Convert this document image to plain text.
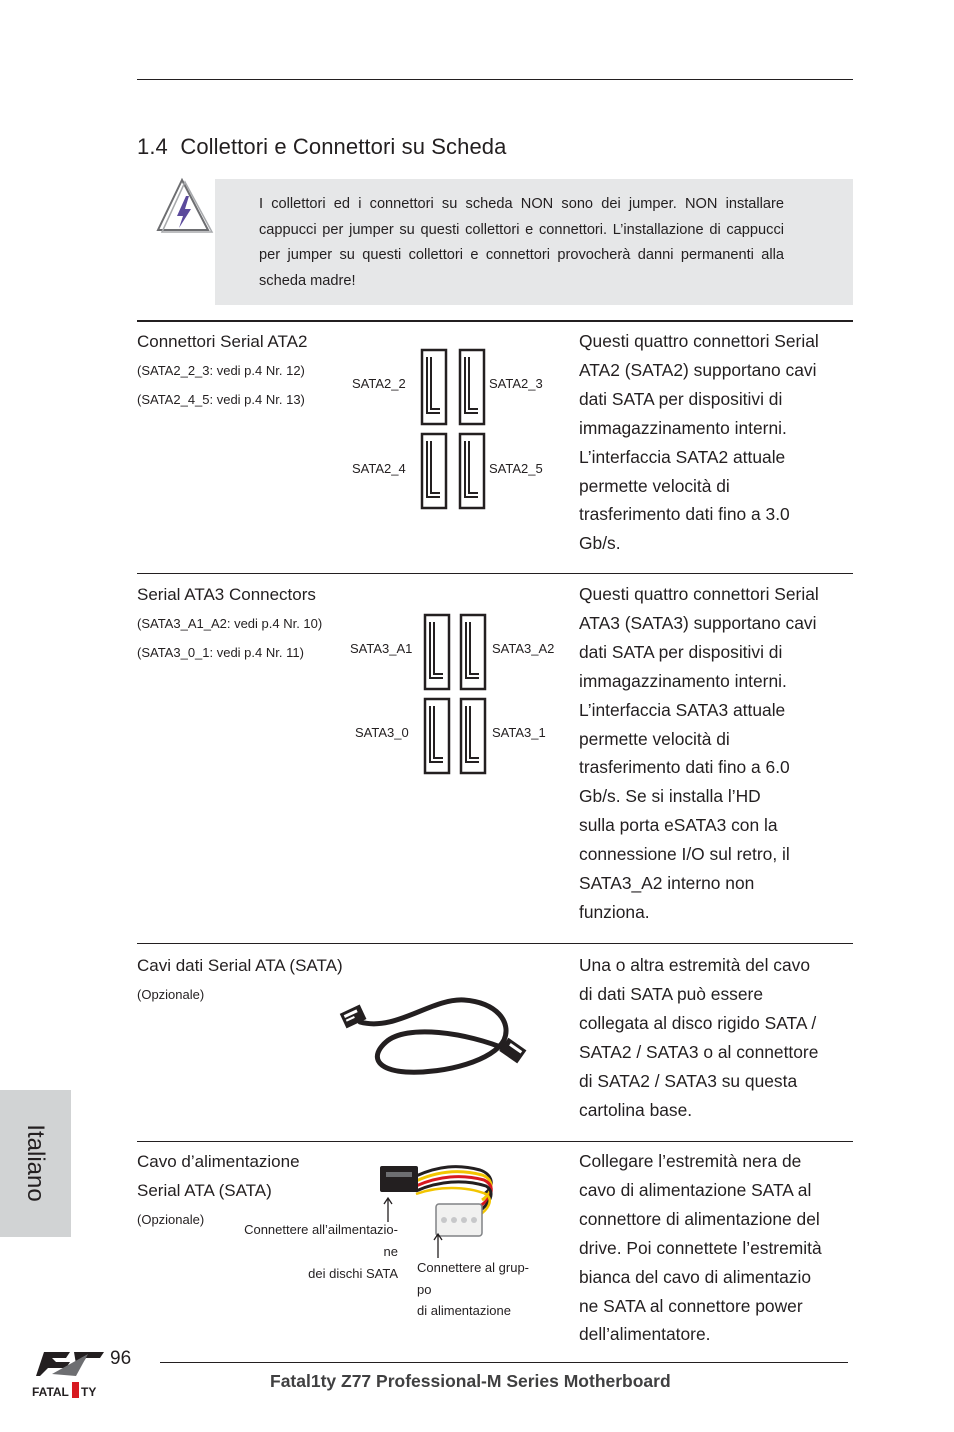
1.4 Collettori e Connettori su Scheda
I collettori ed i connettori su scheda NON sono dei jumper. NON installare cappucci per jumper su questi collettori e connettori. L’installazione di cappucci per jumper su questi collettori e connettori provocherà danni permanenti alla scheda madre!
Connettori Serial ATA2
(SATA2_2_3: vedi p.4 Nr. 12)
(SATA2_4_5: vedi p.4 Nr. 13)
SATA2_2	SATA2_3
SATA2_4	SATA2_5
Questi quattro connettori Serial
ATA2 (SATA2) supportano cavi
dati SATA per dispositivi di
immagazzinamento interni.
L’interfaccia SATA2 attuale
permette velocità di
trasferimento dati fino a 3.0
Gb/s.
Serial ATA3 Connectors
(SATA3_A1_A2: vedi p.4 Nr. 10)
(SATA3_0_1: vedi p.4 Nr. 11)	SATA3_A1	SATA3_A2
SATA3_0	SATA3_1
Questi quattro connettori Serial
ATA3 (SATA3) supportano cavi
dati SATA per dispositivi di
immagazzinamento interni.
L’interfaccia SATA3 attuale
permette velocità di
trasferimento dati fino a 6.0
Gb/s. Se si installa l’HD
sulla porta eSATA3 con la
connessione I/O sul retro, il
SATA3_A2 interno non
funziona.
Cavi dati Serial ATA (SATA)
(Opzionale)
Una o altra estremità del cavo
di dati SATA può essere
collegata al disco rigido SATA /
SATA2 / SATA3 o al connettore
di SATA2 / SATA3 su questa
cartolina base.
Cavo d’alimentazione
Serial ATA (SATA)
(Opzionale)
Connettere all’ailmentazio-
ne
dei dischi SATA Connettere al grup-
po
di alimentazione
Collegare l’estremità nera de
cavo di alimentazione SATA al
connettore di alimentazione del
drive. Poi connettete l’estremità
bianca del cavo di alimentazio
ne SATA al connettore power
dell’alimentatore.
Italiano
FATAL TY
96
Fatal1ty Z77 Professional-M Series Motherboard
